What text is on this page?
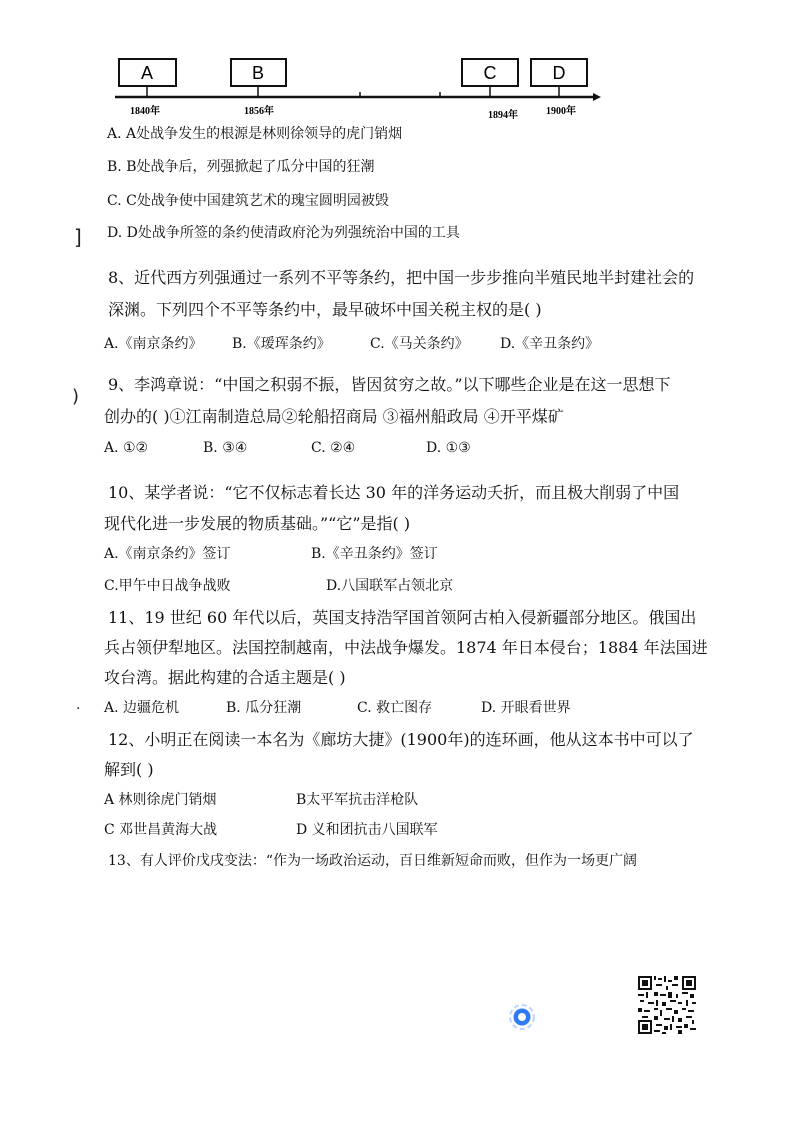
A	B	C	D
1840年	1856年	1894年	1900年
A. A处战争发生的根源是林则徐领导的虎门销烟
B. B处战争后，列强掀起了瓜分中国的狂潮
C. C处战争使中国建筑艺术的瑰宝圆明园被毁
D. D处战争所签的条约使清政府沦为列强统治中国的工具
8、近代西方列强通过一系列不平等条约，把中国一步步推向半殖民地半封建社会的
深渊。下列四个不平等条约中，最早破坏中国关税主权的是( )
A.《南京条约》 B.《瑷珲条约》	C.《马关条约》 D.《辛丑条约》
9、李鸿章说：“中国之积弱不振，皆因贫穷之故。”以下哪些企业是在这一思想下
创办的( )①江南制造总局②轮船招商局 ③福州船政局 ④开平煤矿
A. ①②	B. ③④	C. ②④	D. ①③
10、某学者说：“它不仅标志着长达 30 年的洋务运动夭折，而且极大削弱了中国
现代化进一步发展的物质基础。”“它”是指( )
A.《南京条约》签订	B.《辛丑条约》签订
C.甲午中日战争战败	D.八国联军占领北京
11、19 世纪 60 年代以后，英国支持浩罕国首领阿古柏入侵新疆部分地区。俄国出
兵占领伊犁地区。法国控制越南，中法战争爆发。1874 年日本侵台；1884 年法国进
攻台湾。据此构建的合适主题是( )
A. 边疆危机	B. 瓜分狂潮	C. 救亡图存	D. 开眼看世界
12、小明正在阅读一本名为《廊坊大捷》(1900年)的连环画，他从这本书中可以了
解到( )
A 林则徐虎门销烟	B太平军抗击洋枪队
C 邓世昌黄海大战	D 义和团抗击八国联军
13、有人评价戊戌变法：“作为一场政治运动，百日维新短命而败，但作为一场更广阔
]
)
.
